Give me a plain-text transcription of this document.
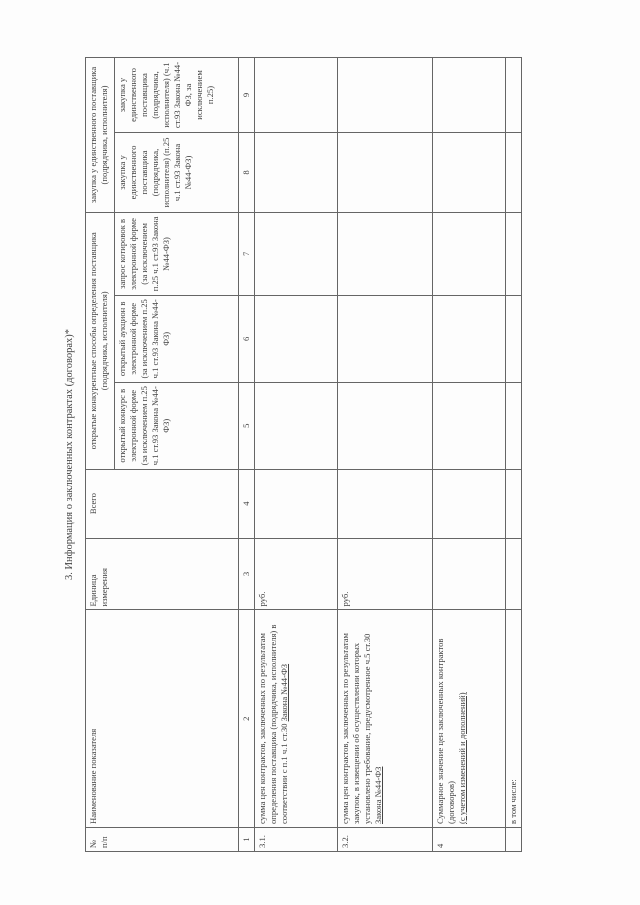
3. Информация о заключенных контрактах (договорах)*
№ п/п	Наименование показателя	Единица измерения	Всего	открытые конкурентные способы определения поставщика (подрядчика, исполнителя)			закупка у единственного поставщика (подрядчика, исполнителя)	
				открытый конкурс в электронной форме (за исключением п.25 ч.1 ст.93 Закона №44-ФЗ)	открытый аукцион в электронной форме (за исключением п.25 ч.1 ст.93 Закона №44-ФЗ)	запрос котировок в электронной форме (за исключением п.25 ч.1 ст.93 Закона №44-ФЗ)	закупка у единственного поставщика (подрядчика, исполнителя) (п.25 ч.1 ст.93 Закона №44-ФЗ)	закупка у единственного поставщика (подрядчика, исполнителя) (ч.1 ст.93 Закона №44-ФЗ, за исключением п.25)
1	2	3	4	5	6	7	8	9
3.1.	сумма цен контрактов, заключенных по результатам определения поставщика (подрядчика, исполнителя) в соответствии с п.1 ч.1 ст.30 Закона №44-ФЗ	руб.						
3.2.	сумма цен контрактов, заключенных по результатам закупок, в извещении об осуществлении которых установлено требование, предусмотренное ч.5 ст.30 Закона №44-ФЗ	руб.						
4	Суммарное значение цен заключенных контрактов (договоров)
(с учетом изменений и дополнений)							
	в том числе:							
